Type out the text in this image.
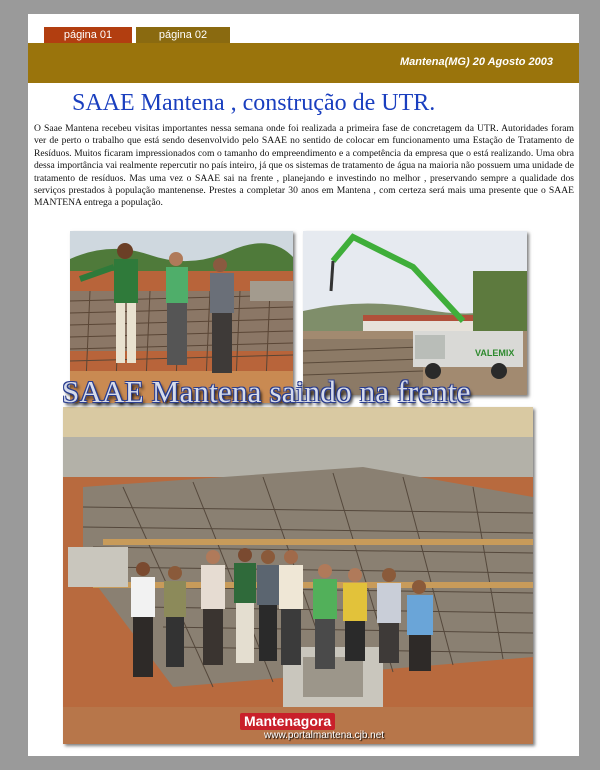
página 01	página 02
Mantena(MG) 20 Agosto 2003
SAAE Mantena , construção de UTR.

O Saae Mantena recebeu visitas importantes nessa semana onde foi realizada a primeira fase de concretagem da UTR. Autoridades foram ver de perto o trabalho que está sendo desenvolvido pelo SAAE no sentido de colocar em funcionamento uma Estação de Tratamento de Resíduos. Muitos ficaram impressionados com o tamanho do empreendimento e a competência da empresa que o está realizando. Uma obra dessa importância vai realmente repercutir no país inteiro, já que os sistemas de tratamento de água na maioria não possuem uma unidade de tratamento de resíduos. Mas uma vez o SAAE sai na frente , planejando e investindo no melhor , preservando sempre a qualidade dos serviços prestados à população mantenense. Prestes a completar 30 anos em Mantena , com certeza será mais uma presente que o SAAE MANTENA entrega a população.

VALEMIX
SAAE Mantena saindo na frente
Mantenagora
www.portalmantena.cjb.net
